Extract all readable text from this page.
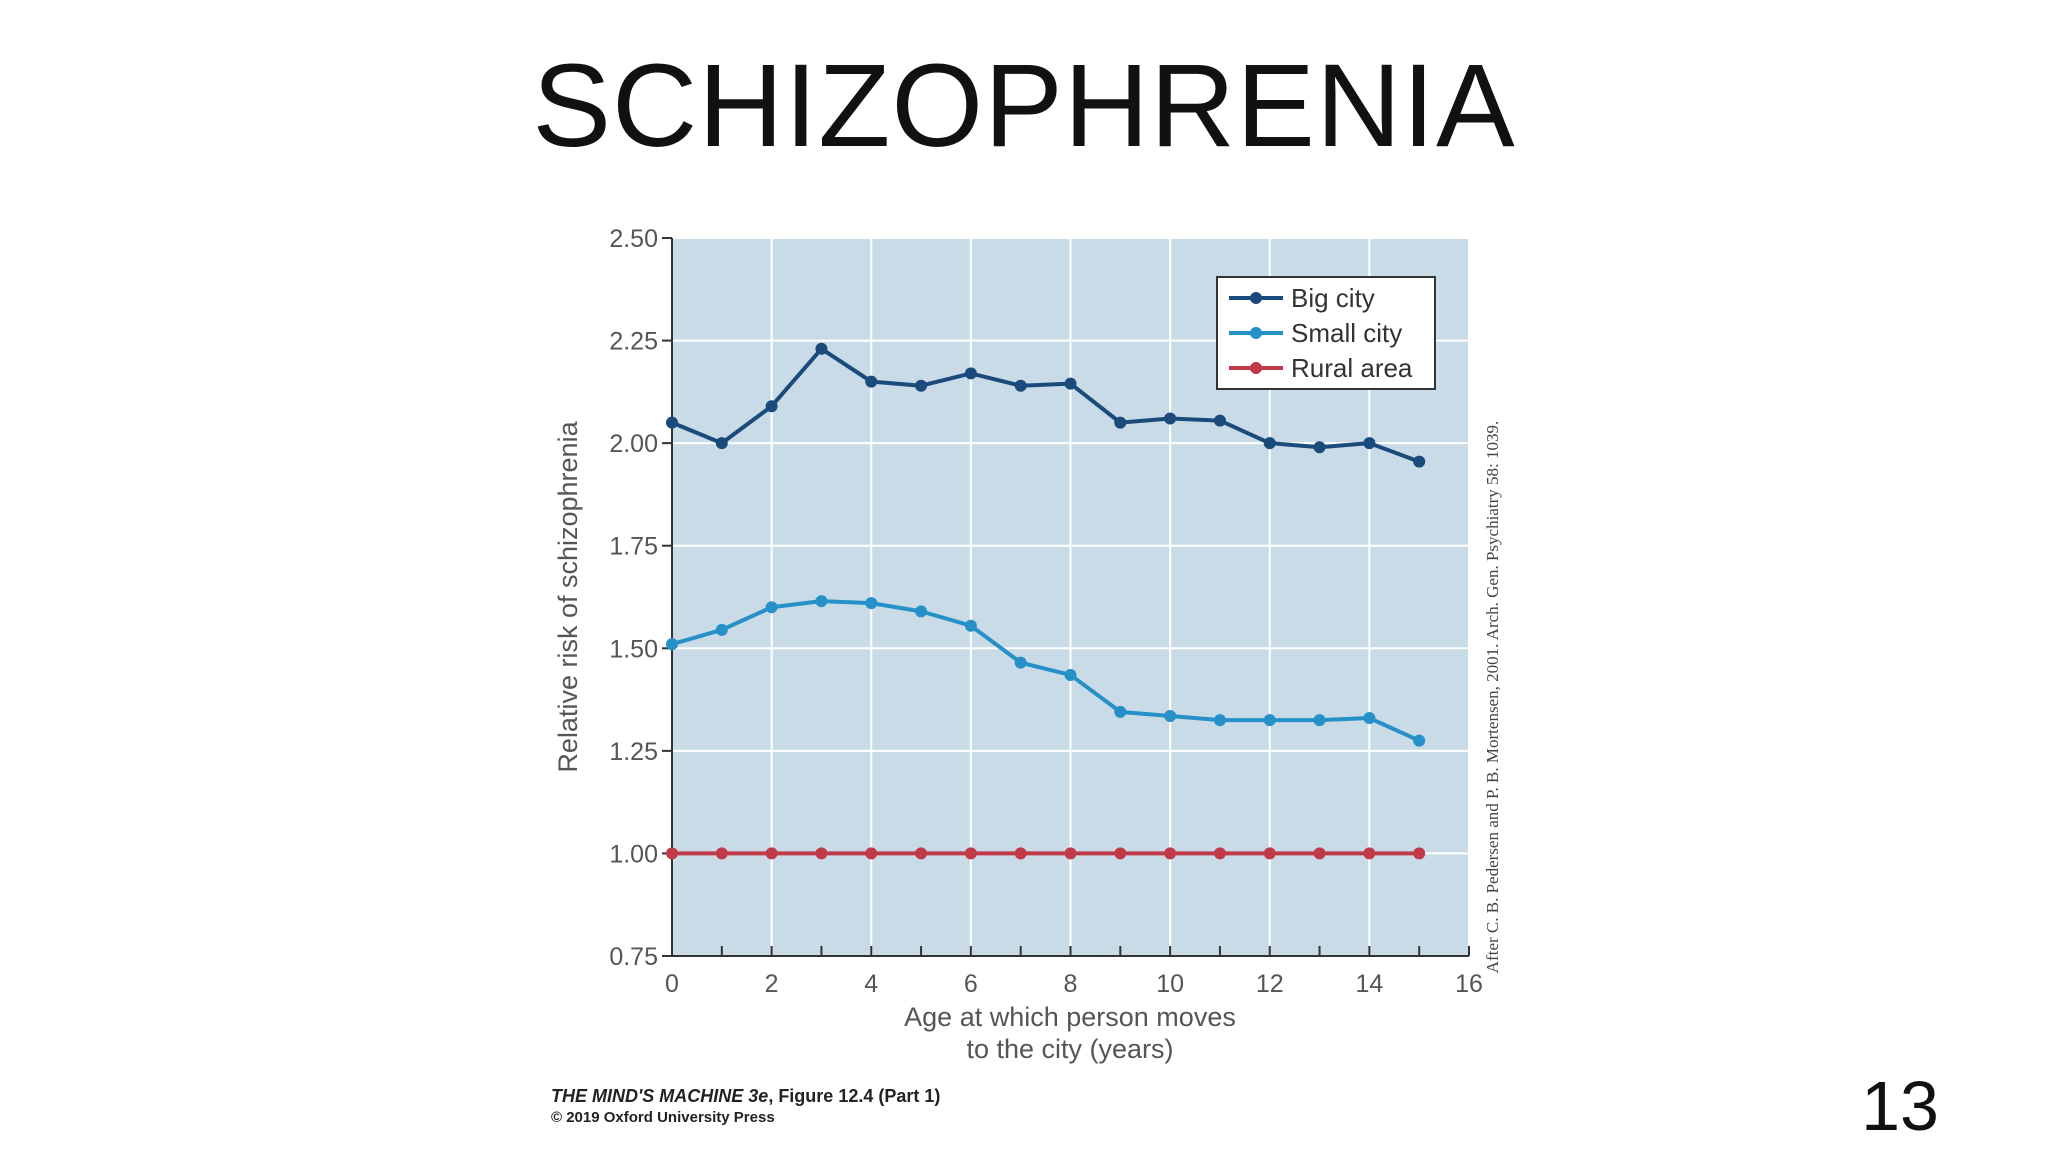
SCHIZOPHRENIA
0.75
1.00
1.25
1.50
1.75
2.00
2.25
2.50
0	2	4	6	8	10	12	14	16
Big city
Small city
Rural area
Relative risk of schizophrenia
Age at which person moves
to the city (years)
After C. B. Pedersen and P. B. Mortensen, 2001. Arch. Gen. Psychiatry 58: 1039.
THE MIND'S MACHINE 3e, Figure 12.4 (Part 1)
© 2019 Oxford University Press	13
